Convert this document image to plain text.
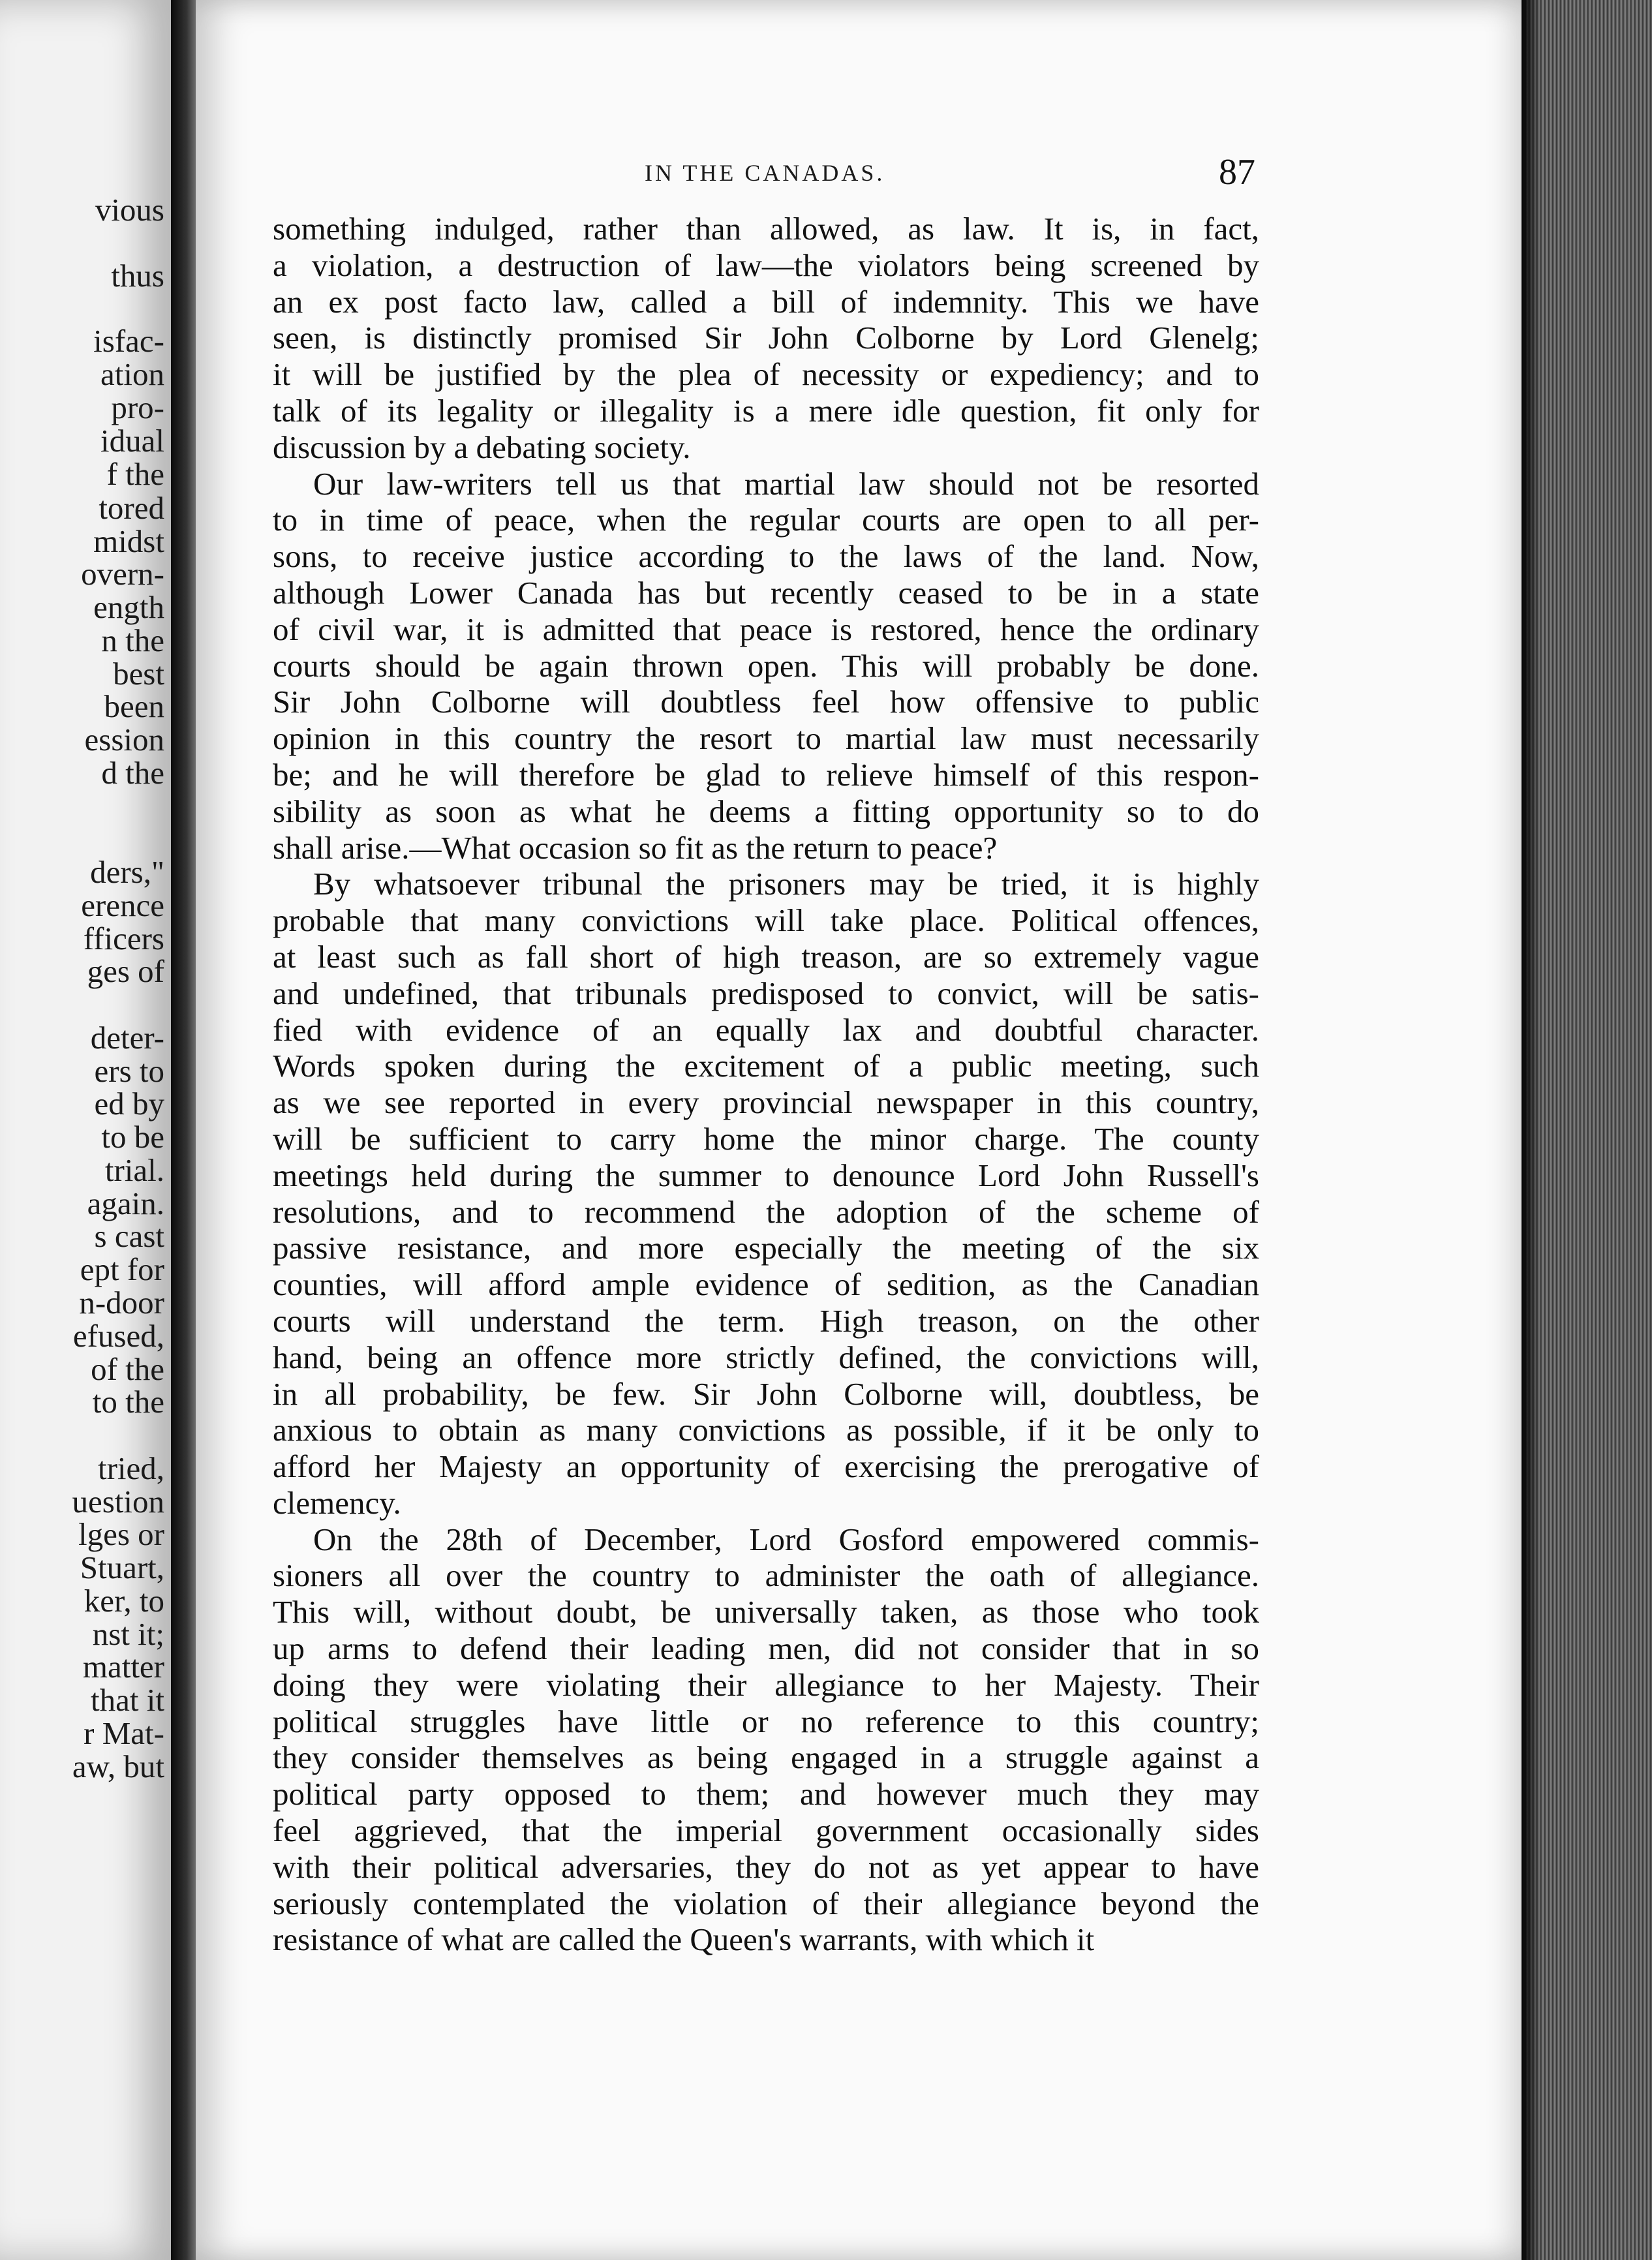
vious

thus

isfac-

ation

pro-

idual

f the

tored

midst

overn-

ength

n the

best

been

ession

d the

ders,"

erence

fficers

ges of

deter-

ers to

ed by

to be

trial.

again.

s cast

ept for

n-door

efused,

of the

to the

tried,

uestion

lges or

Stuart,

ker, to

nst it;

matter

that it

r Mat-

aw, but

IN THE CANADAS.	87

something indulged, rather than allowed, as law. It is, in fact,
a violation, a destruction of law—the violators being screened by
an ex post facto law, called a bill of indemnity. This we have
seen, is distinctly promised Sir John Colborne by Lord Glenelg;
it will be justified by the plea of necessity or expediency; and to
talk of its legality or illegality is a mere idle question, fit only for
discussion by a debating society.
Our law-writers tell us that martial law should not be resorted
to in time of peace, when the regular courts are open to all per-
sons, to receive justice according to the laws of the land. Now,
although Lower Canada has but recently ceased to be in a state
of civil war, it is admitted that peace is restored, hence the ordinary
courts should be again thrown open. This will probably be done.
Sir John Colborne will doubtless feel how offensive to public
opinion in this country the resort to martial law must necessarily
be; and he will therefore be glad to relieve himself of this respon-
sibility as soon as what he deems a fitting opportunity so to do
shall arise.—What occasion so fit as the return to peace?
By whatsoever tribunal the prisoners may be tried, it is highly
probable that many convictions will take place. Political offences,
at least such as fall short of high treason, are so extremely vague
and undefined, that tribunals predisposed to convict, will be satis-
fied with evidence of an equally lax and doubtful character.
Words spoken during the excitement of a public meeting, such
as we see reported in every provincial newspaper in this country,
will be sufficient to carry home the minor charge. The county
meetings held during the summer to denounce Lord John Russell's
resolutions, and to recommend the adoption of the scheme of
passive resistance, and more especially the meeting of the six
counties, will afford ample evidence of sedition, as the Canadian
courts will understand the term. High treason, on the other
hand, being an offence more strictly defined, the convictions will,
in all probability, be few. Sir John Colborne will, doubtless, be
anxious to obtain as many convictions as possible, if it be only to
afford her Majesty an opportunity of exercising the prerogative of
clemency.
On the 28th of December, Lord Gosford empowered commis-
sioners all over the country to administer the oath of allegiance.
This will, without doubt, be universally taken, as those who took
up arms to defend their leading men, did not consider that in so
doing they were violating their allegiance to her Majesty. Their
political struggles have little or no reference to this country;
they consider themselves as being engaged in a struggle against a
political party opposed to them; and however much they may
feel aggrieved, that the imperial government occasionally sides
with their political adversaries, they do not as yet appear to have
seriously contemplated the violation of their allegiance beyond the
resistance of what are called the Queen's warrants, with which it
